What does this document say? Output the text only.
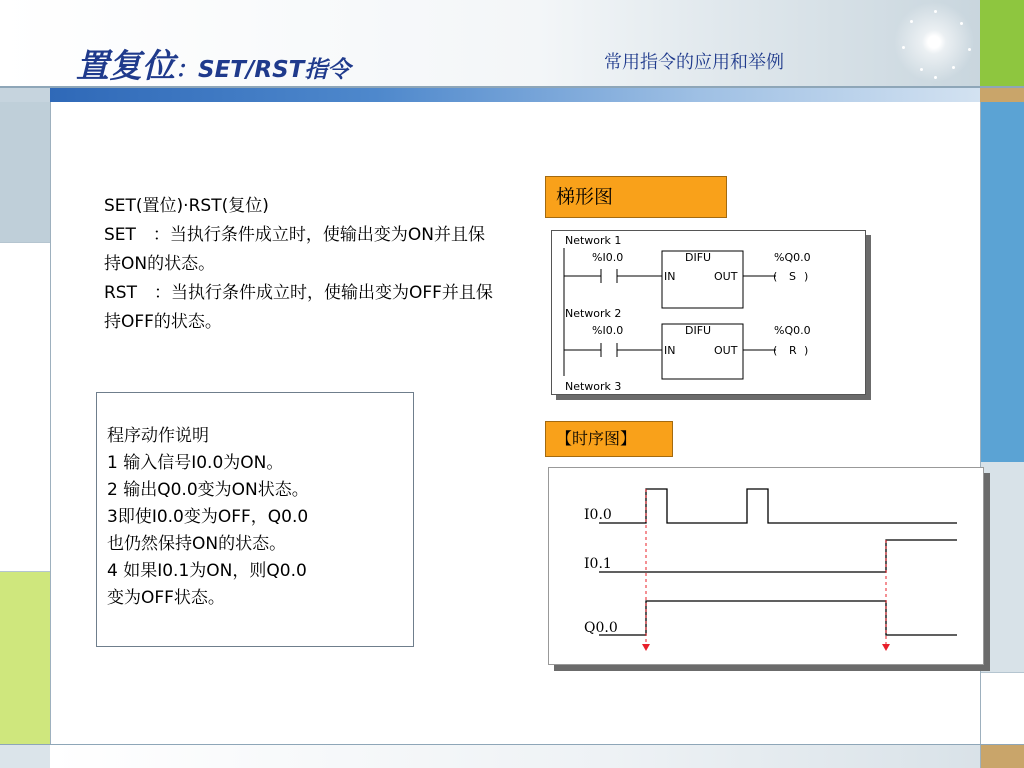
置复位：SET/RST指令	常用指令的应用和举例

SET(置位)·RST(复位)

SET　：当执行条件成立时，使输出变为ON并且保持ON的状态。

RST　：当执行条件成立时，使输出变为OFF并且保持OFF的状态。

程序动作说明

1 输入信号I0.0为ON。

2 输出Q0.0变为ON状态。

3即使I0.0变为OFF，Q0.0

也仍然保持ON的状态。

4 如果I0.1为ON，则Q0.0

变为OFF状态。

梯形图
【时序图】
Network 1
%I0.0	DIFU	%Q0.0
IN	OUT	( S )
Network 2
%I0.0	DIFU	%Q0.0
IN	OUT	( R )
Network 3
I0.0
I0.1
Q0.0
